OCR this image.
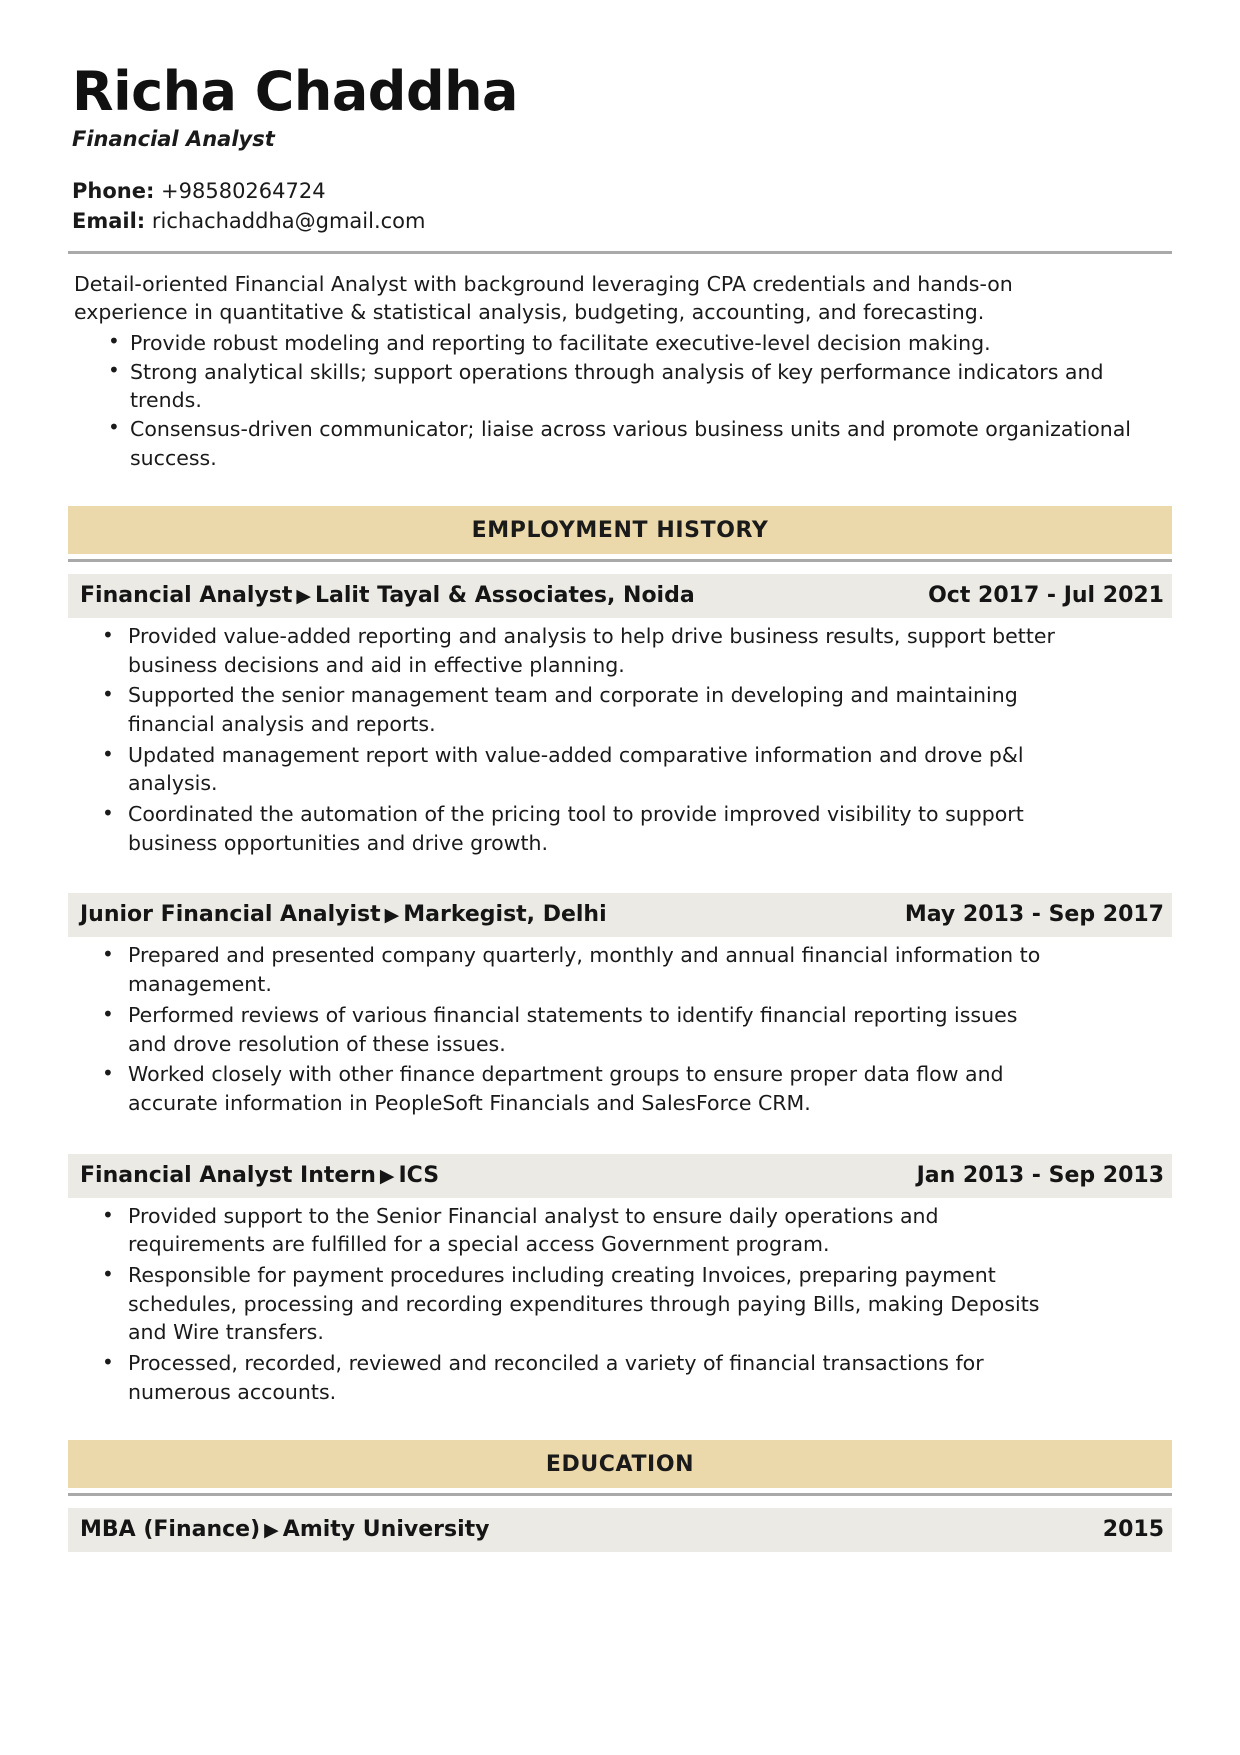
Richa Chaddha
Financial Analyst
Phone: +98580264724
Email: richachaddha@gmail.com

Detail-oriented Financial Analyst with background leveraging CPA credentials and hands-on experience in quantitative & statistical analysis, budgeting, accounting, and forecasting.

• Provide robust modeling and reporting to facilitate executive-level decision making.
• Strong analytical skills; support operations through analysis of key performance indicators and trends.
• Consensus-driven communicator; liaise across various business units and promote organizational success.
EMPLOYMENT HISTORY
Financial Analyst ▶ Lalit Tayal & Associates, Noida	Oct 2017 - Jul 2021
• Provided value-added reporting and analysis to help drive business results, support better business decisions and aid in effective planning.
• Supported the senior management team and corporate in developing and maintaining financial analysis and reports.
• Updated management report with value-added comparative information and drove p&l analysis.
• Coordinated the automation of the pricing tool to provide improved visibility to support business opportunities and drive growth.
Junior Financial Analyist ▶ Markegist, Delhi	May 2013 - Sep 2017
• Prepared and presented company quarterly, monthly and annual financial information to management.
• Performed reviews of various financial statements to identify financial reporting issues and drove resolution of these issues.
• Worked closely with other finance department groups to ensure proper data flow and accurate information in PeopleSoft Financials and SalesForce CRM.
Financial Analyst Intern ▶ ICS	Jan 2013 - Sep 2013
• Provided support to the Senior Financial analyst to ensure daily operations and requirements are fulfilled for a special access Government program.
• Responsible for payment procedures including creating Invoices, preparing payment schedules, processing and recording expenditures through paying Bills, making Deposits and Wire transfers.
• Processed, recorded, reviewed and reconciled a variety of financial transactions for numerous accounts.
EDUCATION
MBA (Finance) ▶ Amity University	2015
